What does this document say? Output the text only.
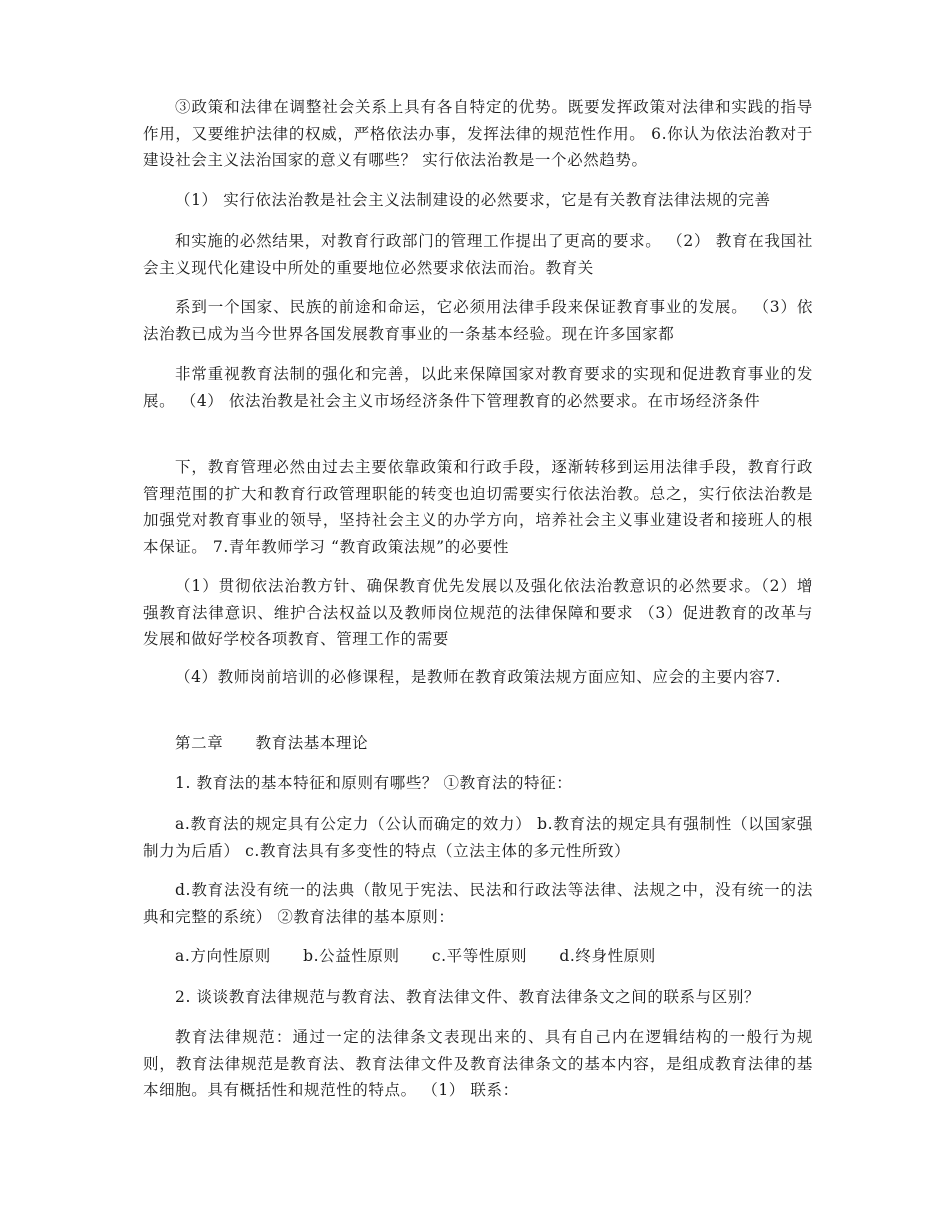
③政策和法律在调整社会关系上具有各自特定的优势。既要发挥政策对法律和实践的指导作用，又要维护法律的权威，严格依法办事，发挥法律的规范性作用。 6.你认为依法治教对于建设社会主义法治国家的意义有哪些？ 实行依法治教是一个必然趋势。

（1） 实行依法治教是社会主义法制建设的必然要求，它是有关教育法律法规的完善

和实施的必然结果，对教育行政部门的管理工作提出了更高的要求。 （2） 教育在我国社会主义现代化建设中所处的重要地位必然要求依法而治。教育关

系到一个国家、民族的前途和命运，它必须用法律手段来保证教育事业的发展。 （3）依法治教已成为当今世界各国发展教育事业的一条基本经验。现在许多国家都

非常重视教育法制的强化和完善，以此来保障国家对教育要求的实现和促进教育事业的发展。 （4） 依法治教是社会主义市场经济条件下管理教育的必然要求。在市场经济条件

下，教育管理必然由过去主要依靠政策和行政手段，逐渐转移到运用法律手段，教育行政管理范围的扩大和教育行政管理职能的转变也迫切需要实行依法治教。总之，实行依法治教是加强党对教育事业的领导，坚持社会主义的办学方向，培养社会主义事业建设者和接班人的根本保证。 7.青年教师学习 “教育政策法规”的必要性

（1）贯彻依法治教方针、确保教育优先发展以及强化依法治教意识的必然要求。（2）增强教育法律意识、维护合法权益以及教师岗位规范的法律保障和要求 （3）促进教育的改革与发展和做好学校各项教育、管理工作的需要

（4）教师岗前培训的必修课程，是教师在教育政策法规方面应知、应会的主要内容7.

第二章　　教育法基本理论

1. 教育法的基本特征和原则有哪些？ ①教育法的特征：

a.教育法的规定具有公定力（公认而确定的效力） b.教育法的规定具有强制性（以国家强制力为后盾） c.教育法具有多变性的特点（立法主体的多元性所致）

d.教育法没有统一的法典（散见于宪法、民法和行政法等法律、法规之中，没有统一的法典和完整的系统） ②教育法律的基本原则：

a.方向性原则　　b.公益性原则　　c.平等性原则　　d.终身性原则

2. 谈谈教育法律规范与教育法、教育法律文件、教育法律条文之间的联系与区别？

教育法律规范：通过一定的法律条文表现出来的、具有自己内在逻辑结构的一般行为规则，教育法律规范是教育法、教育法律文件及教育法律条文的基本内容，是组成教育法律的基本细胞。具有概括性和规范性的特点。 （1） 联系：
